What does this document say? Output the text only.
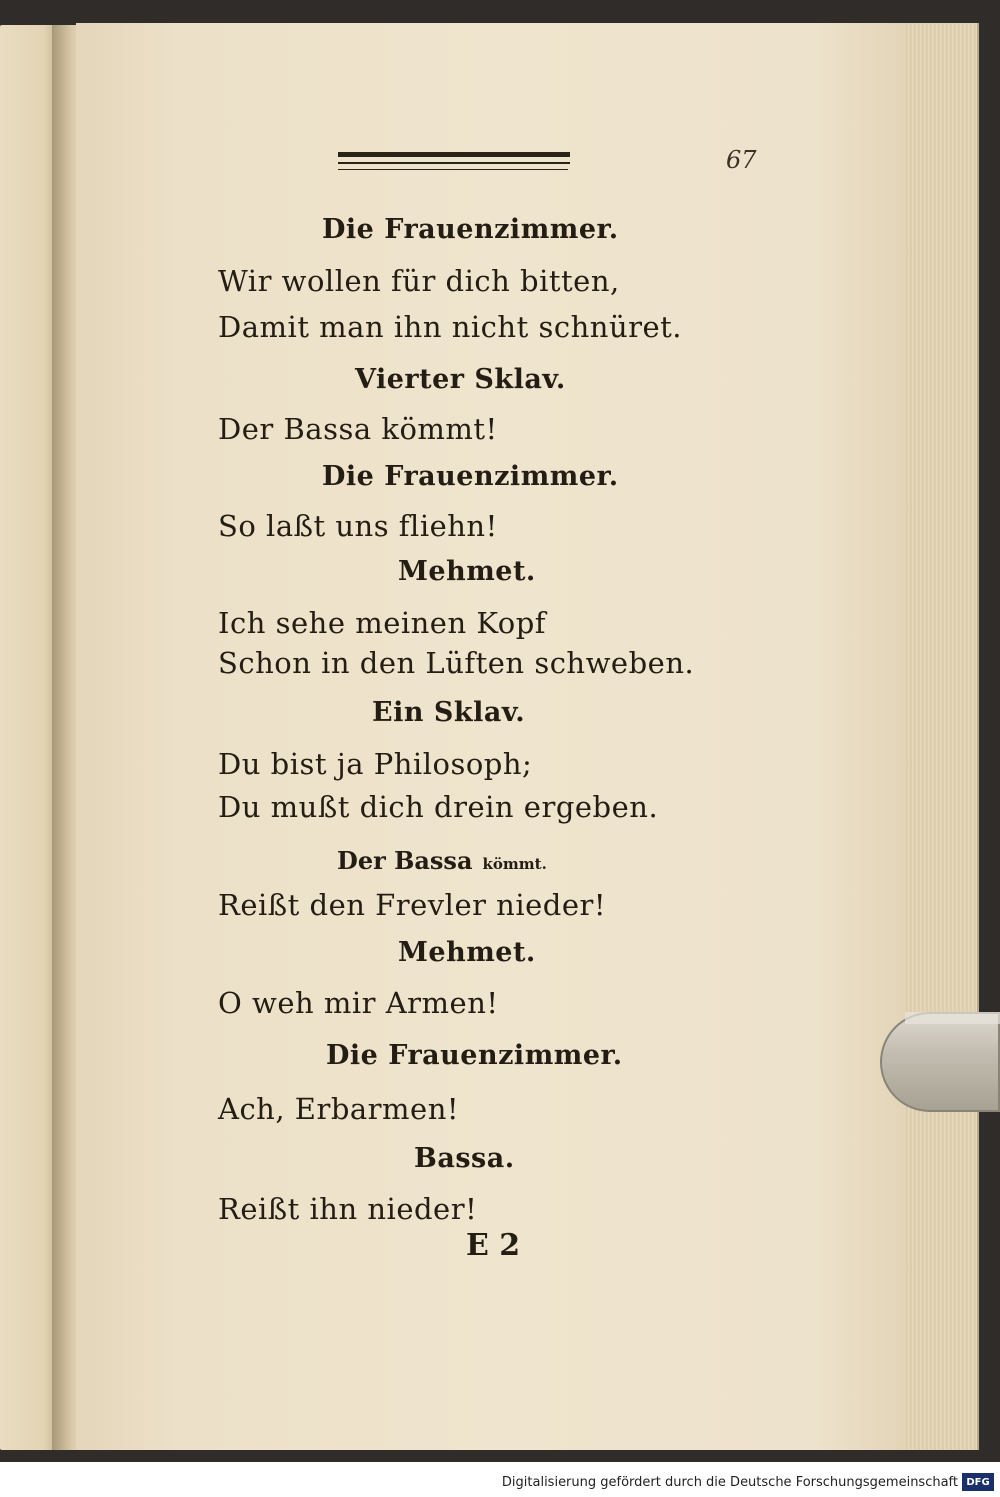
67
Die Frauenzimmer.
Wir wollen für dich bitten,
Damit man ihn nicht schnüret.
Vierter Sklav.
Der Bassa kömmt!
Die Frauenzimmer.
So laßt uns fliehn!
Mehmet.
Ich sehe meinen Kopf
Schon in den Lüften schweben.
Ein Sklav.
Du bist ja Philosoph;
Du mußt dich drein ergeben.
Der Bassa kömmt.
Reißt den Frevler nieder!
Mehmet.
O weh mir Armen!
Die Frauenzimmer.
Ach, Erbarmen!
Bassa.
Reißt ihn nieder!
E 2
Digitalisierung gefördert durch die Deutsche Forschungsgemeinschaft DFG
